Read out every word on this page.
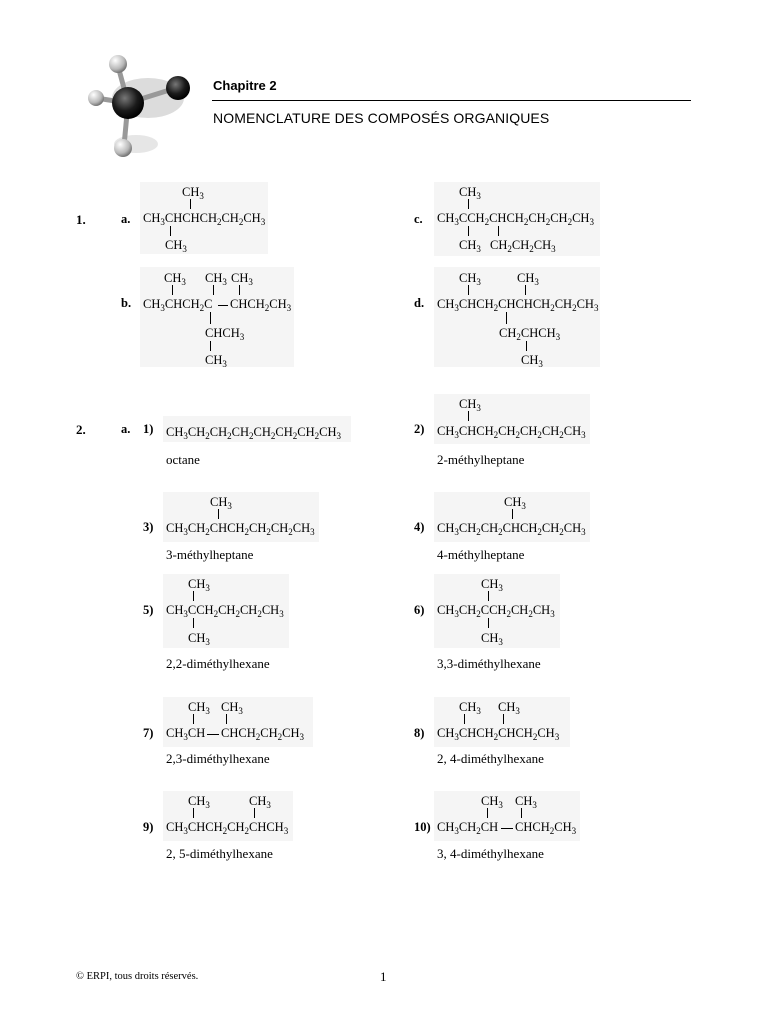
Chapitre 2
NOMENCLATURE DES COMPOSÉS ORGANIQUES
1.	a.
$CH_3$
$CH_3CHCHCH_2CH_2CH_3$
$CH_3$
b.
$CH_3$ $CH_3$ $CH_3$
$CH_3CHCH_2C$ $CHCH_2CH_3$
$CHCH_3$
$CH_3$
c.
$CH_3$
$CH_3CCH_2CHCH_2CH_2CH_2CH_3$
$CH_3$ $CH_2CH_2CH_3$
d.
$CH_3$	$CH_3$
$CH_3CHCH_2CHCHCH_2CH_2CH_3$
$CH_2CHCH_3$
$CH_3$
2.	a. 1) $CH_3CH_2CH_2CH_2CH_2CH_2CH_2CH_3$
octane
2)
$CH_3$
$CH_3CHCH_2CH_2CH_2CH_2CH_3$
2-méthylheptane
3)
$CH_3$
$CH_3CH_2CHCH_2CH_2CH_2CH_3$
3-méthylheptane
4)
$CH_3$
$CH_3CH_2CH_2CHCH_2CH_2CH_3$
4-méthylheptane
5)
$CH_3$
$CH_3CCH_2CH_2CH_2CH_3$
$CH_3$
2,2-diméthylhexane
6)
$CH_3$
$CH_3CH_2CCH_2CH_2CH_3$
$CH_3$
3,3-diméthylhexane
7)
$CH_3$ $CH_3$
$CH_3CH$ $CHCH_2CH_2CH_3$
2,3-diméthylhexane
8)
$CH_3$ $CH_3$
$CH_3CHCH_2CHCH_2CH_3$
2, 4-diméthylhexane
9)
$CH_3$	$CH_3$
$CH_3CHCH_2CH_2CHCH_3$
2, 5-diméthylhexane
10)
$CH_3$ $CH_3$
$CH_3CH_2CH$ $CHCH_2CH_3$
3, 4-diméthylhexane
© ERPI, tous droits réservés.	1
